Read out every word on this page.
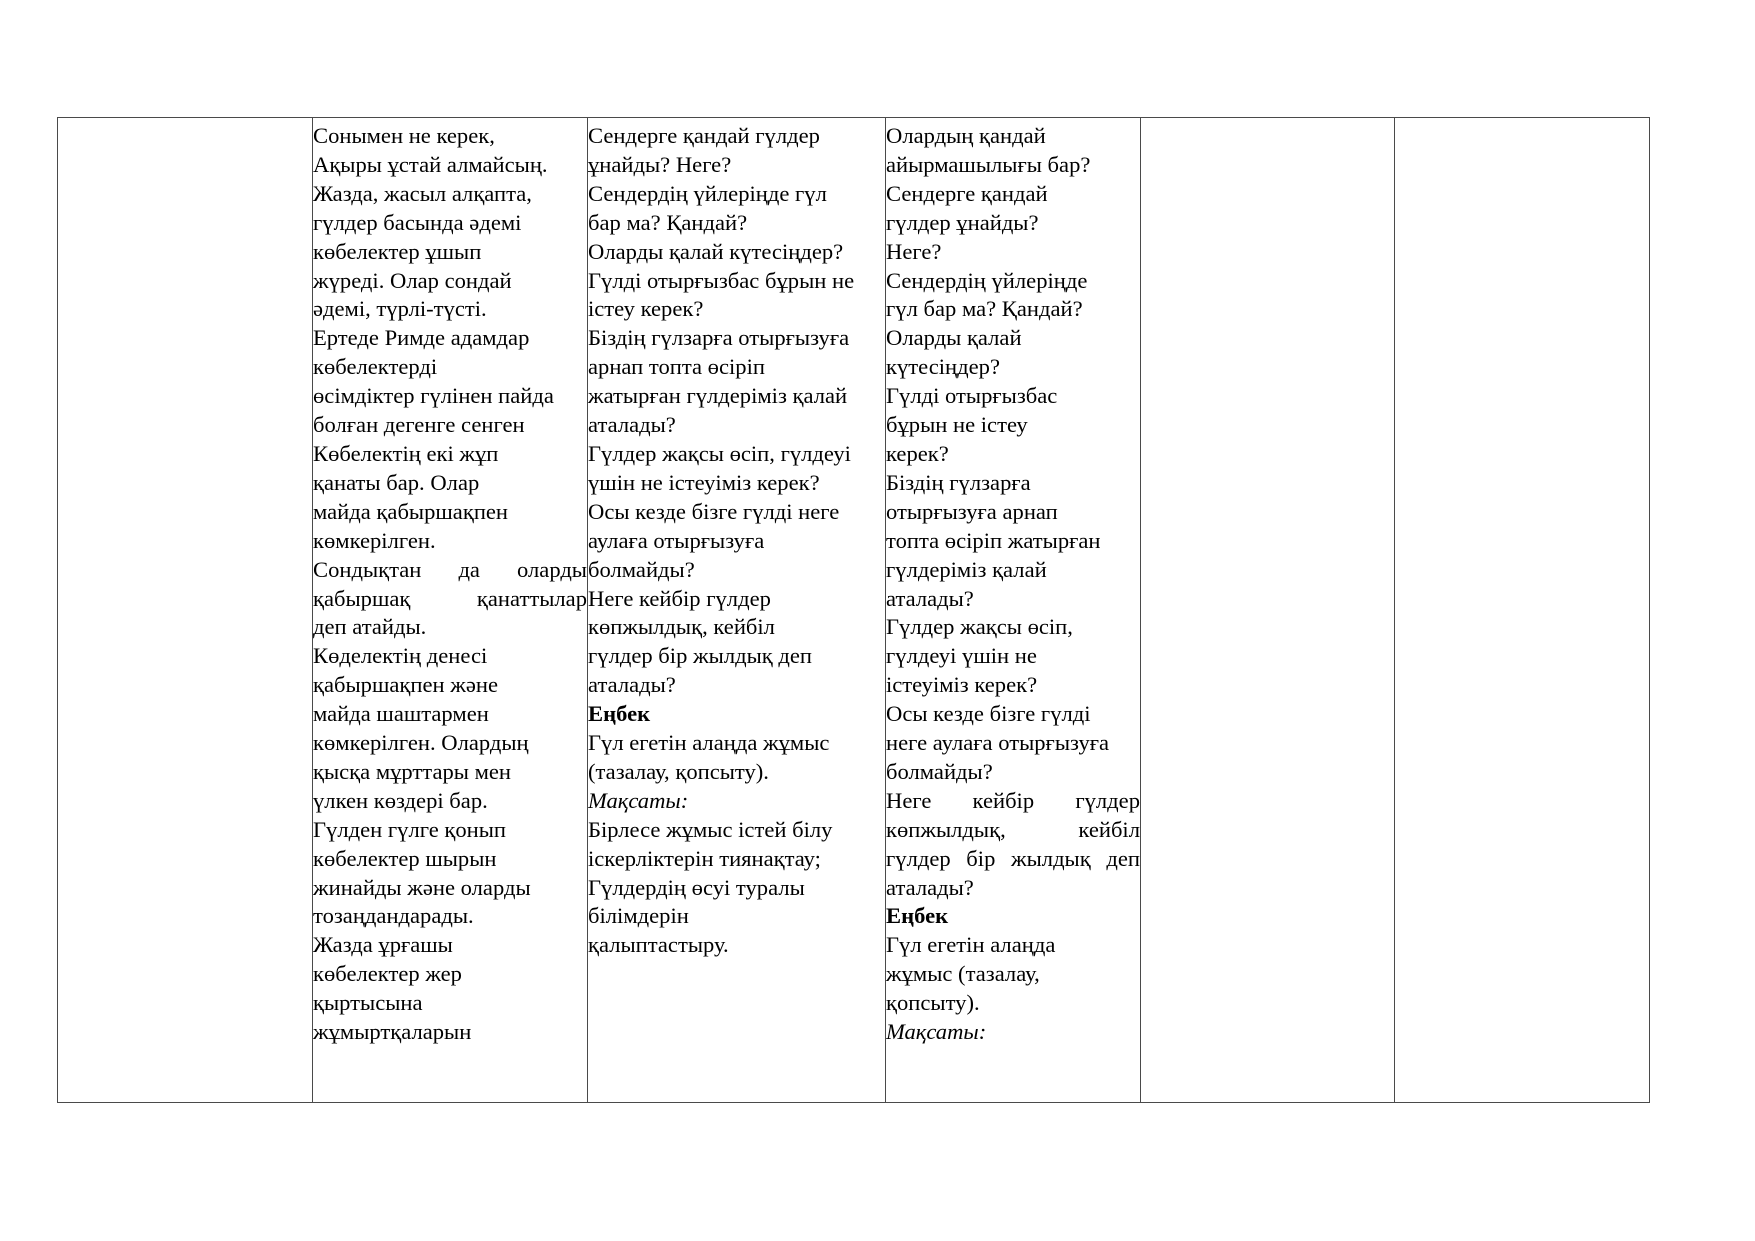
Сонымен не керек,
Ақыры ұстай алмайсың.
Жазда, жасыл алқапта,
гүлдер басында әдемі
көбелектер ұшып
жүреді. Олар сондай
әдемі, түрлі-түсті.
Ертеде Римде адамдар
көбелектерді
өсімдіктер гүлінен пайда
болған дегенге сенген
Көбелектің екі жұп
қанаты бар. Олар
майда қабыршақпен
көмкерілген.
Сондықтан да оларды
қабыршақ	қанаттылар
деп атайды.
Көделектің денесі
қабыршақпен және
майда шаштармен
көмкерілген. Олардың
қысқа мұрттары мен
үлкен көздері бар.
Гүлден гүлге қонып
көбелектер шырын
жинайды және оларды
тозаңдандарады.
Жазда ұрғашы
көбелектер жер
қыртысына
жұмыртқаларын

Сендерге қандай гүлдер
ұнайды? Неге?
Сендердің үйлеріңде гүл
бар ма? Қандай?
Оларды қалай күтесіңдер?
Гүлді отырғызбас бұрын не
істеу керек?
Біздің гүлзарға отырғызуға
арнап топта өсіріп
жатырған гүлдеріміз қалай
аталады?
Гүлдер жақсы өсіп, гүлдеуі
үшін не істеуіміз керек?
Осы кезде бізге гүлді неге
аулаға отырғызуға
болмайды?
Неге кейбір гүлдер
көпжылдық, кейбіл
гүлдер бір жылдық деп
аталады?
Еңбек
Гүл егетін алаңда жұмыс
(тазалау, қопсыту).
Мақсаты:
Бірлесе жұмыс істей білу
іскерліктерін тиянақтау;
Гүлдердің өсуі туралы
білімдерін
қалыптастыру.

Олардың қандай
айырмашылығы бар?
Сендерге қандай
гүлдер ұнайды?
Неге?
Сендердің үйлеріңде
гүл бар ма? Қандай?
Оларды қалай
күтесіңдер?
Гүлді отырғызбас
бұрын не істеу
керек?
Біздің гүлзарға
отырғызуға арнап
топта өсіріп жатырған
гүлдеріміз қалай
аталады?
Гүлдер жақсы өсіп,
гүлдеуі үшін не
істеуіміз керек?
Осы кезде бізге гүлді
неге аулаға отырғызуға
болмайды?
Неге кейбір гүлдер
көпжылдық,	кейбіл
гүлдер бір жылдық деп
аталады?
Еңбек
Гүл егетін алаңда
жұмыс (тазалау,
қопсыту).
Мақсаты:
